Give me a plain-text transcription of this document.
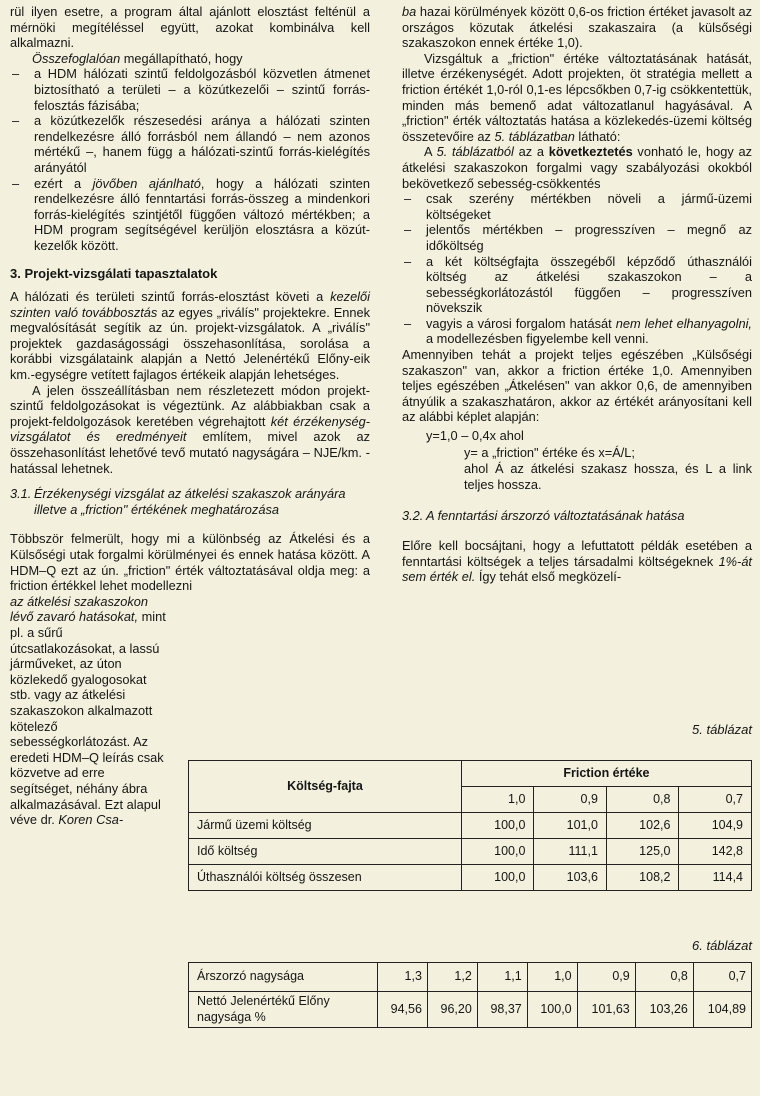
rül ilyen esetre, a program által ajánlott elosztást felténül a mérnöki megítéléssel együtt, azokat kombinálva kell alkalmazni.

Összefoglalóan megállapítható, hogy

– a HDM hálózati szintű feldolgozásból közvetlen átmenet biztosítható a területi – a közútkezelői – szintű forrás-felosztás fázisába;
– a közútkezelők részesedési aránya a hálózati szinten rendelkezésre álló forrásból nem állandó – nem azonos mértékű –, hanem függ a hálózati-szintű forrás-kielégítés arányától
– ezért a jövőben ajánlható, hogy a hálózati szinten rendelkezésre álló fenntartási forrás-összeg a mindenkori forrás-kielégítés szintjétől függően változó mértékben; a HDM program segítségével kerüljön elosztásra a közút-kezelők között.
3. Projekt-vizsgálati tapasztalatok

A hálózati és területi szintű forrás-elosztást követi a kezelői szinten való továbbosztás az egyes „riválís" projektekre. Ennek megvalósítását segítik az ún. projekt-vizsgálatok. A „riválís" projektek gazdaságossági összehasonlítása, sorolása a korábbi vizsgálataink alapján a Nettó Jelenértékű Előny-eik km.-egységre vetített fajlagos értékeik alapján lehetséges.

A jelen összeállításban nem részletezett módon projekt-szintű feldolgozásokat is végeztünk. Az alábbiakban csak a projekt-feldolgozások keretében végrehajtott két érzékenység-vizsgálatot és eredményeit említem, mivel azok az összehasonlítást lehetővé tevő mutató nagyságára – NJE/km. - hatással lehetnek.

3.1. Érzékenységi vizsgálat az átkelési szakaszok arányára illetve a „friction" értékének meghatározása

Többször felmerült, hogy mi a különbség az Átkelési és a Külsőségi utak forgalmi körülményei és ennek hatása között. A HDM–Q ezt az ún. „friction" érték változtatásával oldja meg: a friction értékkel lehet modellezni

az átkelési szakaszokon lévő zavaró hatásokat, mint pl. a sűrű útcsatlakozásokat, a lassú járműveket, az úton közlekedő gyalogosokat stb. vagy az átkelési szakaszokon alkalmazott kötelező sebességkorlátozást. Az eredeti HDM–Q leírás csak közvetve ad erre segítséget, néhány ábra alkalmazásával. Ezt alapul véve dr. Koren Csa-

ba hazai körülmények között 0,6-os friction értéket javasolt az országos közutak átkelési szakaszaira (a külsőségi szakaszokon ennek értéke 1,0).

Vizsgáltuk a „friction" értéke változtatásának hatását, illetve érzékenységét. Adott projekten, öt stratégia mellett a friction értékét 1,0-ról 0,1-es lépcsőkben 0,7-ig csökkentettük, minden más bemenő adat változatlanul hagyásával. A „friction" érték változtatás hatása a közlekedés-üzemi költség összetevőire az 5. táblázatban látható:

A 5. táblázatból az a következtetés vonható le, hogy az átkelési szakaszokon forgalmi vagy szabályozási okokból bekövetkező sebesség-csökkentés

– csak szerény mértékben növeli a jármű-üzemi költségeket
– jelentős mértékben – progresszíven – megnő az időköltség
– a két költségfajta összegéből képződő úthasználói költség az átkelési szakaszokon – a sebességkorlátozástól függően – progresszíven növekszik
– vagyis a városi forgalom hatását nem lehet elhanyagolni, a modellezésben figyelembe kell venni.

Amennyiben tehát a projekt teljes egészében „Külsőségi szakaszon" van, akkor a friction értéke 1,0. Amennyiben teljes egészében „Átkelésen" van akkor 0,6, de amennyiben átnyúlik a szakaszhatáron, akkor az értékét arányosítani kell az alábbi képlet alapján:

y=1,0 – 0,4x ahol

y= a „friction" értéke és x=Á/L;

ahol Á az átkelési szakasz hossza, és L a link teljes hossza.

3.2. A fenntartási árszorzó változtatásának hatása

Előre kell bocsájtani, hogy a lefuttatott példák esetében a fenntartási költségek a teljes társadalmi költségeknek 1%-át sem érték el. Így tehát első megközelí-

5. táblázat
Költség-fajta	Friction értéke			
	1,0	0,9	0,8	0,7
Jármű üzemi költség	100,0	101,0	102,6	104,9
Idő költség	100,0	111,1	125,0	142,8
Úthasználói költség összesen	100,0	103,6	108,2	114,4
6. táblázat
Árszorzó nagysága	1,3	1,2	1,1	1,0	0,9	0,8	0,7
Nettó Jelenértékű Előny nagysága %	94,56	96,20	98,37	100,0	101,63	103,26	104,89
